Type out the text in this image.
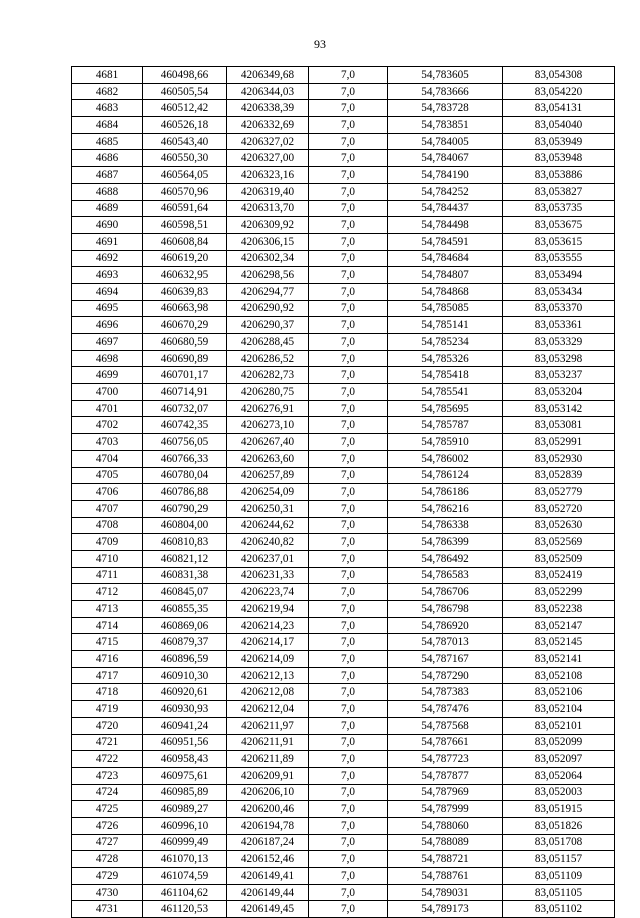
93
4681	460498,66	4206349,68	7,0	54,783605	83,054308
4682	460505,54	4206344,03	7,0	54,783666	83,054220
4683	460512,42	4206338,39	7,0	54,783728	83,054131
4684	460526,18	4206332,69	7,0	54,783851	83,054040
4685	460543,40	4206327,02	7,0	54,784005	83,053949
4686	460550,30	4206327,00	7,0	54,784067	83,053948
4687	460564,05	4206323,16	7,0	54,784190	83,053886
4688	460570,96	4206319,40	7,0	54,784252	83,053827
4689	460591,64	4206313,70	7,0	54,784437	83,053735
4690	460598,51	4206309,92	7,0	54,784498	83,053675
4691	460608,84	4206306,15	7,0	54,784591	83,053615
4692	460619,20	4206302,34	7,0	54,784684	83,053555
4693	460632,95	4206298,56	7,0	54,784807	83,053494
4694	460639,83	4206294,77	7,0	54,784868	83,053434
4695	460663,98	4206290,92	7,0	54,785085	83,053370
4696	460670,29	4206290,37	7,0	54,785141	83,053361
4697	460680,59	4206288,45	7,0	54,785234	83,053329
4698	460690,89	4206286,52	7,0	54,785326	83,053298
4699	460701,17	4206282,73	7,0	54,785418	83,053237
4700	460714,91	4206280,75	7,0	54,785541	83,053204
4701	460732,07	4206276,91	7,0	54,785695	83,053142
4702	460742,35	4206273,10	7,0	54,785787	83,053081
4703	460756,05	4206267,40	7,0	54,785910	83,052991
4704	460766,33	4206263,60	7,0	54,786002	83,052930
4705	460780,04	4206257,89	7,0	54,786124	83,052839
4706	460786,88	4206254,09	7,0	54,786186	83,052779
4707	460790,29	4206250,31	7,0	54,786216	83,052720
4708	460804,00	4206244,62	7,0	54,786338	83,052630
4709	460810,83	4206240,82	7,0	54,786399	83,052569
4710	460821,12	4206237,01	7,0	54,786492	83,052509
4711	460831,38	4206231,33	7,0	54,786583	83,052419
4712	460845,07	4206223,74	7,0	54,786706	83,052299
4713	460855,35	4206219,94	7,0	54,786798	83,052238
4714	460869,06	4206214,23	7,0	54,786920	83,052147
4715	460879,37	4206214,17	7,0	54,787013	83,052145
4716	460896,59	4206214,09	7,0	54,787167	83,052141
4717	460910,30	4206212,13	7,0	54,787290	83,052108
4718	460920,61	4206212,08	7,0	54,787383	83,052106
4719	460930,93	4206212,04	7,0	54,787476	83,052104
4720	460941,24	4206211,97	7,0	54,787568	83,052101
4721	460951,56	4206211,91	7,0	54,787661	83,052099
4722	460958,43	4206211,89	7,0	54,787723	83,052097
4723	460975,61	4206209,91	7,0	54,787877	83,052064
4724	460985,89	4206206,10	7,0	54,787969	83,052003
4725	460989,27	4206200,46	7,0	54,787999	83,051915
4726	460996,10	4206194,78	7,0	54,788060	83,051826
4727	460999,49	4206187,24	7,0	54,788089	83,051708
4728	461070,13	4206152,46	7,0	54,788721	83,051157
4729	461074,59	4206149,41	7,0	54,788761	83,051109
4730	461104,62	4206149,44	7,0	54,789031	83,051105
4731	461120,53	4206149,45	7,0	54,789173	83,051102
